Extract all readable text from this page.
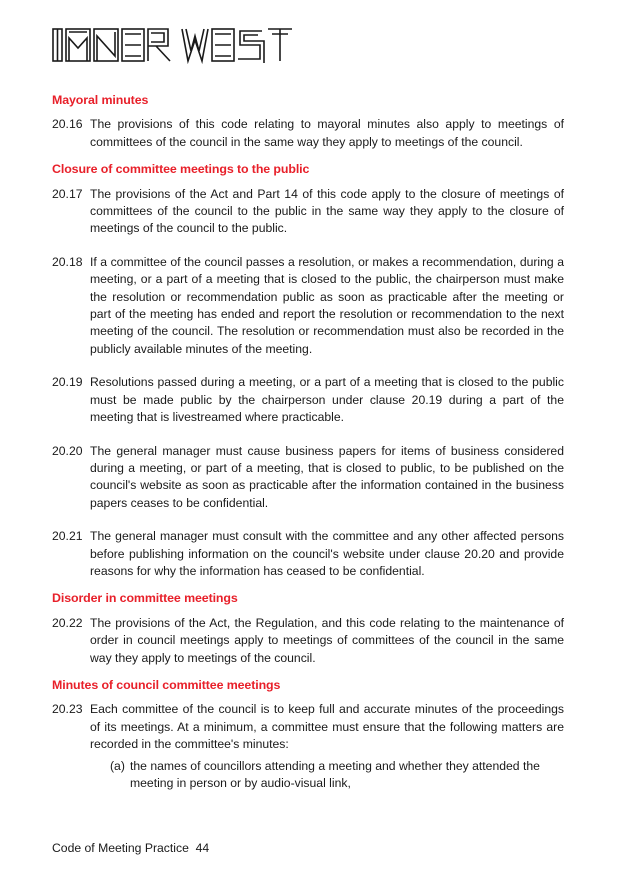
Mayoral minutes
20.16 The provisions of this code relating to mayoral minutes also apply to meetings of committees of the council in the same way they apply to meetings of the council.
Closure of committee meetings to the public
20.17 The provisions of the Act and Part 14 of this code apply to the closure of meetings of committees of the council to the public in the same way they apply to the closure of meetings of the council to the public.
20.18 If a committee of the council passes a resolution, or makes a recommendation, during a meeting, or a part of a meeting that is closed to the public, the chairperson must make the resolution or recommendation public as soon as practicable after the meeting or part of the meeting has ended and report the resolution or recommendation to the next meeting of the council. The resolution or recommendation must also be recorded in the publicly available minutes of the meeting.
20.19 Resolutions passed during a meeting, or a part of a meeting that is closed to the public must be made public by the chairperson under clause 20.19 during a part of the meeting that is livestreamed where practicable.
20.20 The general manager must cause business papers for items of business considered during a meeting, or part of a meeting, that is closed to public, to be published on the council's website as soon as practicable after the information contained in the business papers ceases to be confidential.
20.21 The general manager must consult with the committee and any other affected persons before publishing information on the council's website under clause 20.20 and provide reasons for why the information has ceased to be confidential.
Disorder in committee meetings
20.22 The provisions of the Act, the Regulation, and this code relating to the maintenance of order in council meetings apply to meetings of committees of the council in the same way they apply to meetings of the council.
Minutes of council committee meetings
20.23 Each committee of the council is to keep full and accurate minutes of the proceedings of its meetings. At a minimum, a committee must ensure that the following matters are recorded in the committee's minutes:
(a) the names of councillors attending a meeting and whether they attended the meeting in person or by audio-visual link,
Code of Meeting Practice 44
